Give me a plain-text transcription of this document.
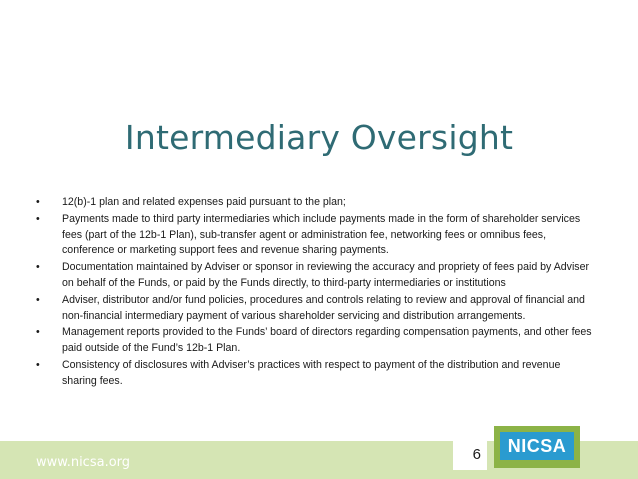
Intermediary Oversight
• 12(b)-1 plan and related expenses paid pursuant to the plan;
• Payments made to third party intermediaries which include payments made in the form of shareholder services fees (part of the 12b-1 Plan), sub-transfer agent or administration fee, networking fees or omnibus fees, conference or marketing support fees and revenue sharing payments.
• Documentation maintained by Adviser or sponsor in reviewing the accuracy and propriety of fees paid by Adviser on behalf of the Funds, or paid by the Funds directly, to third-party intermediaries or institutions
• Adviser, distributor and/or fund policies, procedures and controls relating to review and approval of financial and non-financial intermediary payment of various shareholder servicing and distribution arrangements.
• Management reports provided to the Funds’ board of directors regarding compensation payments, and other fees paid outside of the Fund’s 12b-1 Plan.
• Consistency of disclosures with Adviser’s practices with respect to payment of the distribution and revenue sharing fees.
www.nicsa.org	6 NICSA
